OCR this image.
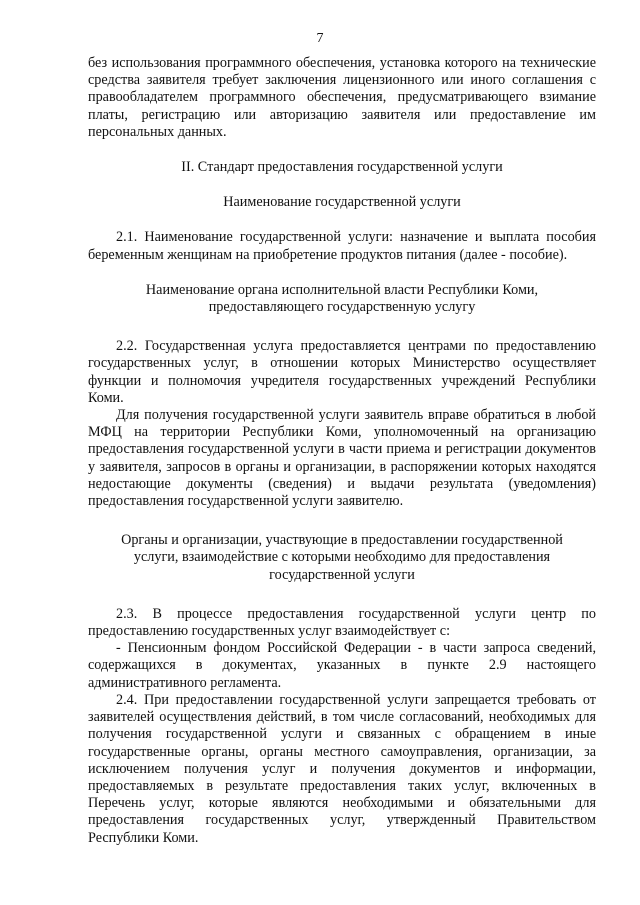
7

без использования программного обеспечения, установка которого на технические средства заявителя требует заключения лицензионного или иного соглашения с правообладателем программного обеспечения, предусматривающего взимание платы, регистрацию или авторизацию заявителя или предоставление им персональных данных.

II. Стандарт предоставления государственной услуги

Наименование государственной услуги

2.1. Наименование государственной услуги: назначение и выплата пособия беременным женщинам на приобретение продуктов питания (далее - пособие).

Наименование органа исполнительной власти Республики Коми,

предоставляющего государственную услугу

2.2. Государственная услуга предоставляется центрами по предоставлению государственных услуг, в отношении которых Министерство осуществляет функции и полномочия учредителя государственных учреждений Республики Коми.

Для получения государственной услуги заявитель вправе обратиться в любой МФЦ на территории Республики Коми, уполномоченный на организацию предоставления государственной услуги в части приема и регистрации документов у заявителя, запросов в органы и организации, в распоряжении которых находятся недостающие документы (сведения) и выдачи результата (уведомления) предоставления государственной услуги заявителю.

Органы и организации, участвующие в предоставлении государственной

услуги, взаимодействие с которыми необходимо для предоставления

государственной услуги

2.3. В процессе предоставления государственной услуги центр по предоставлению государственных услуг взаимодействует с:

- Пенсионным фондом Российской Федерации - в части запроса сведений, содержащихся в документах, указанных в пункте 2.9 настоящего административного регламента.

2.4. При предоставлении государственной услуги запрещается требовать от заявителей осуществления действий, в том числе согласований, необходимых для получения государственной услуги и связанных с обращением в иные государственные органы, органы местного самоуправления, организации, за исключением получения услуг и получения документов и информации, предоставляемых в результате предоставления таких услуг, включенных в Перечень услуг, которые являются необходимыми и обязательными для предоставления государственных услуг, утвержденный Правительством Республики Коми.
